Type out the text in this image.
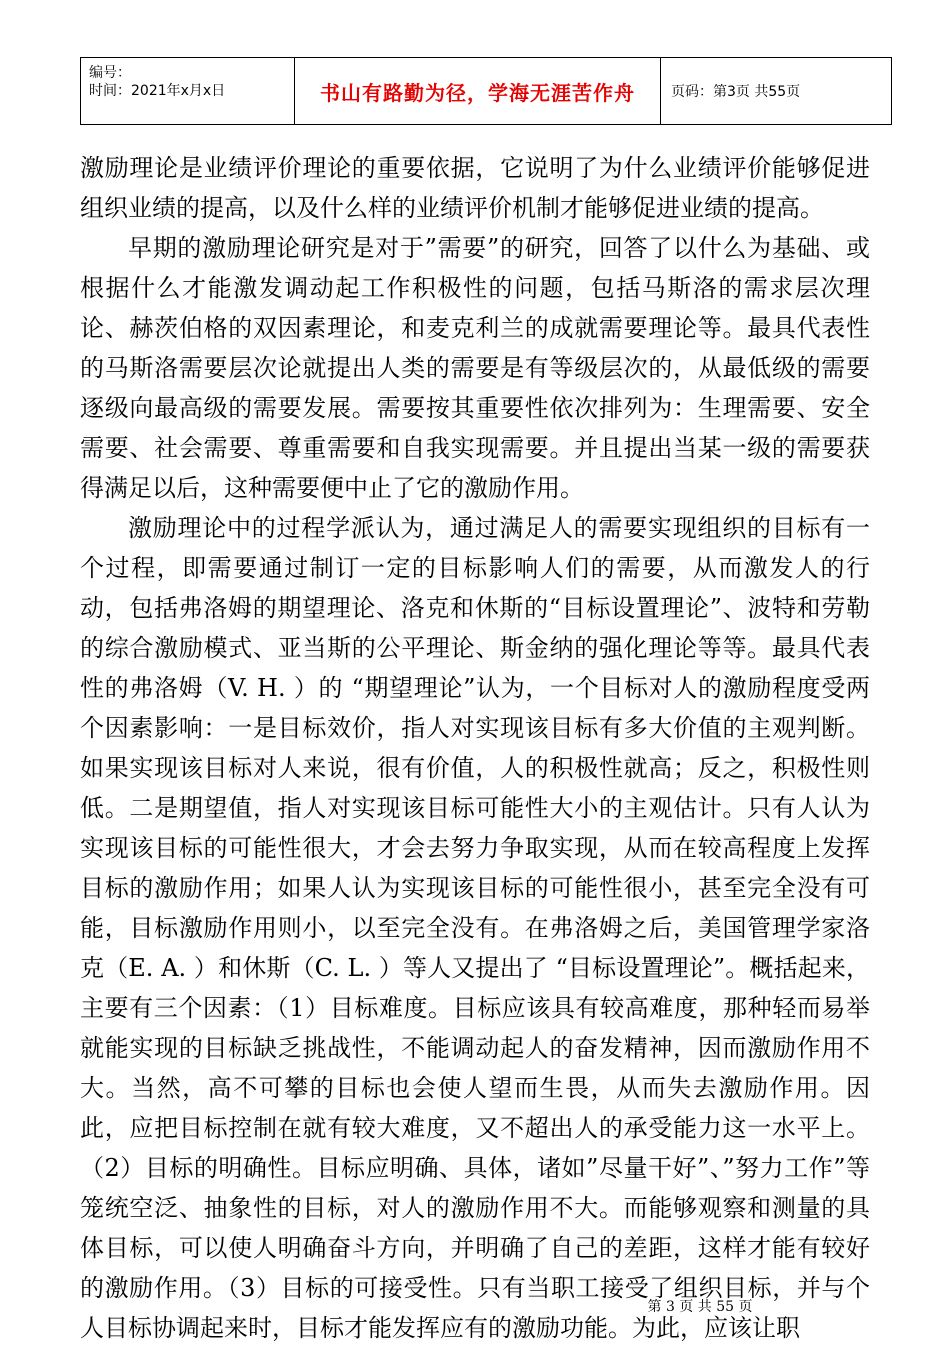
编号：
时间：2021年x月x日	书山有路勤为径，学海无涯苦作舟	页码：第3页 共55页

激励理论是业绩评价理论的重要依据，它说明了为什么业绩评价能够促进组织业绩的提高，以及什么样的业绩评价机制才能够促进业绩的提高。

早期的激励理论研究是对于”需要”的研究，回答了以什么为基础、或根据什么才能激发调动起工作积极性的问题，包括马斯洛的需求层次理论、赫茨伯格的双因素理论，和麦克利兰的成就需要理论等。最具代表性的马斯洛需要层次论就提出人类的需要是有等级层次的，从最低级的需要逐级向最高级的需要发展。需要按其重要性依次排列为：生理需要、安全需要、社会需要、尊重需要和自我实现需要。并且提出当某一级的需要获得满足以后，这种需要便中止了它的激励作用。

激励理论中的过程学派认为，通过满足人的需要实现组织的目标有一个过程，即需要通过制订一定的目标影响人们的需要，从而激发人的行动，包括弗洛姆的期望理论、洛克和休斯的“目标设置理论”、波特和劳勒的综合激励模式、亚当斯的公平理论、斯金纳的强化理论等等。最具代表性的弗洛姆（V. H. ）的 “期望理论”认为，一个目标对人的激励程度受两个因素影响：一是目标效价，指人对实现该目标有多大价值的主观判断。如果实现该目标对人来说，很有价值，人的积极性就高；反之，积极性则低。二是期望值，指人对实现该目标可能性大小的主观估计。只有人认为实现该目标的可能性很大，才会去努力争取实现，从而在较高程度上发挥目标的激励作用；如果人认为实现该目标的可能性很小，甚至完全没有可能，目标激励作用则小，以至完全没有。在弗洛姆之后，美国管理学家洛克（E. A. ）和休斯（C. L. ）等人又提出了 “目标设置理论”。概括起来，主要有三个因素：（1）目标难度。目标应该具有较高难度，那种轻而易举就能实现的目标缺乏挑战性，不能调动起人的奋发精神，因而激励作用不大。当然，高不可攀的目标也会使人望而生畏，从而失去激励作用。因此，应把目标控制在就有较大难度，又不超出人的承受能力这一水平上。（2）目标的明确性。目标应明确、具体，诸如”尽量干好”、”努力工作”等笼统空泛、抽象性的目标，对人的激励作用不大。而能够观察和测量的具体目标，可以使人明确奋斗方向，并明确了自己的差距，这样才能有较好的激励作用。（3）目标的可接受性。只有当职工接受了组织目标，并与个人目标协调起来时，目标才能发挥应有的激励功能。为此，应该让职

第 3 页 共 55 页
